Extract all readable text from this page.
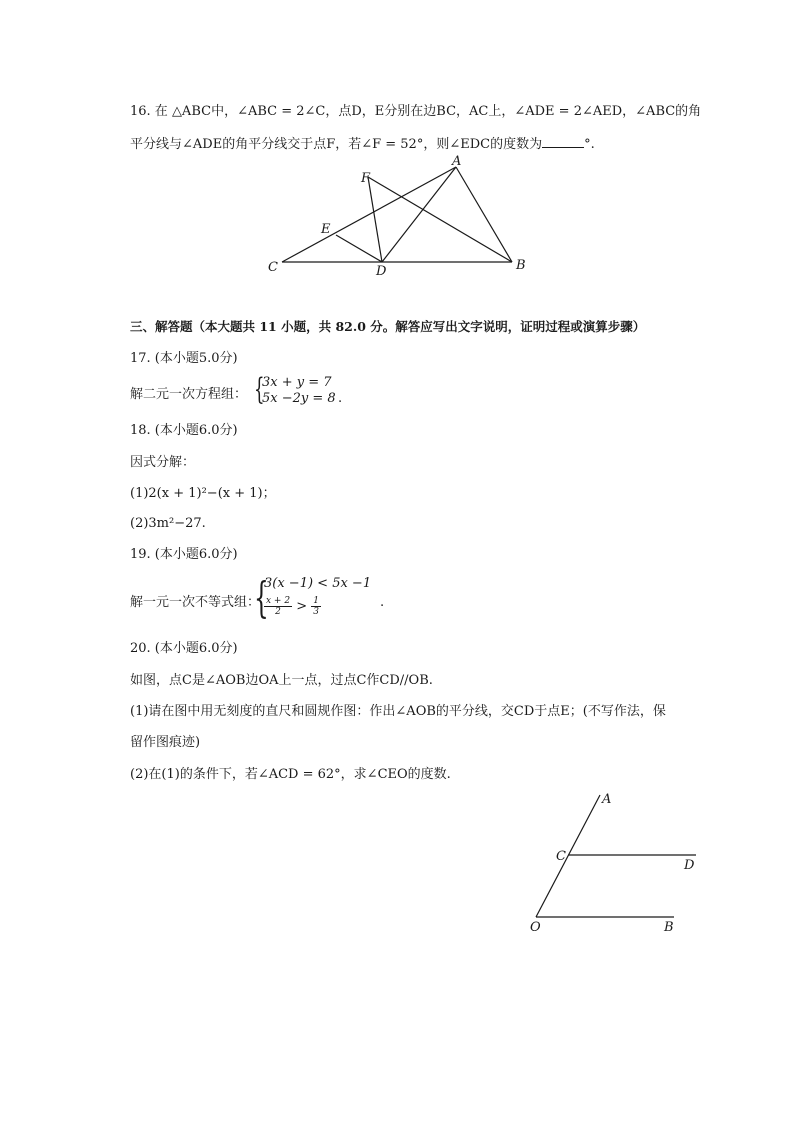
16. 在 △ABC中，∠ABC = 2∠C，点D，E分别在边BC，AC上，∠ADE = 2∠AED，∠ABC的角
平分线与∠ADE的角平分线交于点F，若∠F = 52°，则∠EDC的度数为	°.
A
F
E
C	D	B
三、解答题（本大题共 11 小题，共 82.0 分。解答应写出文字说明，证明过程或演算步骤）
17. (本小题5.0分)
解二元一次方程组： {
3x + y = 7
5x −2y = 8 .
18. (本小题6.0分)
因式分解：
(1)2(x + 1)²−(x + 1)；
(2)3m²−27.
19. (本小题6.0分)
解一元一次不等式组：
{
3(x −1) < 5x −1
$\frac{x + 2}{2} > \frac{1}{3}$	.
20. (本小题6.0分)
如图，点C是∠AOB边OA上一点，过点C作CD//OB.
(1)请在图中用无刻度的直尺和圆规作图：作出∠AOB的平分线，交CD于点E；(不写作法，保
留作图痕迹)
(2)在(1)的条件下，若∠ACD = 62°，求∠CEO的度数.
A
C
D
O	B
